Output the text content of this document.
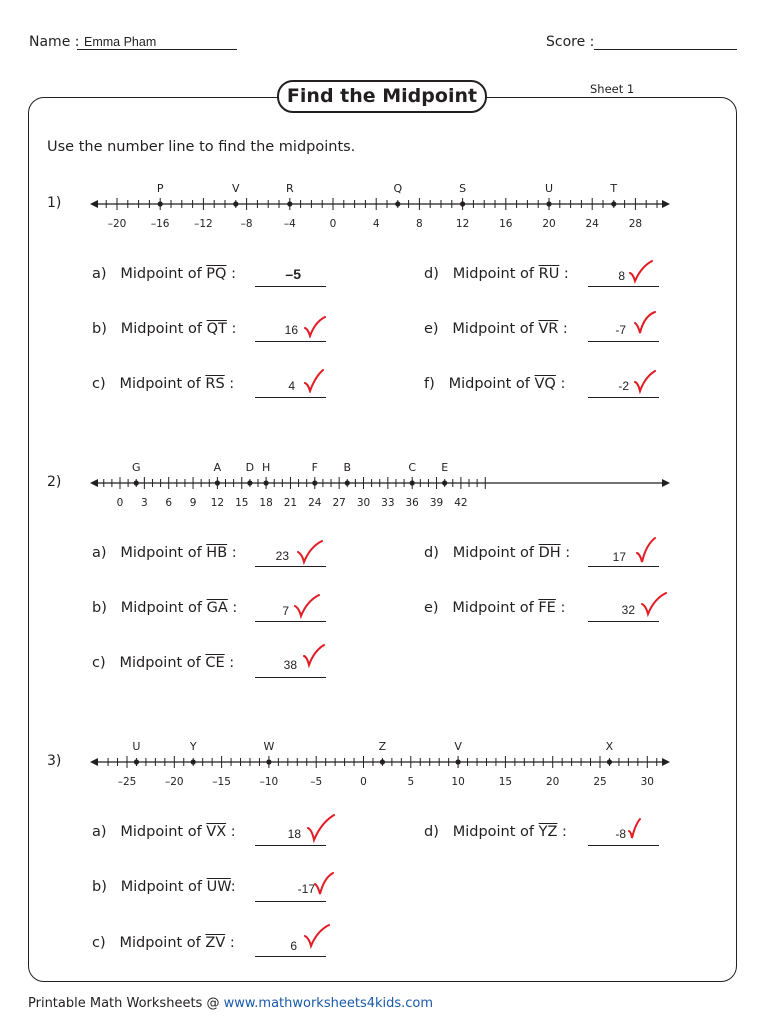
Name : Emma Pham	Score :
Find the Midpoint	Sheet 1
Use the number line to find the midpoints.
1)
–20 –16 –12	–8	–4	0	4	8	12	16	20	24	28
P	V	R	Q	S	U	T
a) Midpoint of $\overline{PQ}$ :	–5
b) Midpoint of $\overline{QT}$ :	16
c) Midpoint of $\overline{RS}$ :	4
d) Midpoint of $\overline{RU}$ :	8
e) Midpoint of $\overline{VR}$ :	-7
f) Midpoint of $\overline{VQ}$ :	-2
2)
0 3 6 9 12 15 18 21 24 27 30 33 36 39 42
G	A D H	F B	C E
a) Midpoint of $\overline{HB}$ :	23
b) Midpoint of $\overline{GA}$ :	7
c) Midpoint of $\overline{CE}$ :	38
d) Midpoint of $\overline{DH}$ :	17
e) Midpoint of $\overline{FE}$ :	32
3)
–25	–20	–15	–10	–5	0	5	10	15	20	25	30
U	Y	W	Z	V	X
a) Midpoint of $\overline{VX}$ :	18
b) Midpoint of $\overline{UW}$:	-17
c) Midpoint of $\overline{ZV}$ :	6
d) Midpoint of $\overline{YZ}$ :	-8
Printable Math Worksheets @ www.mathworksheets4kids.com
